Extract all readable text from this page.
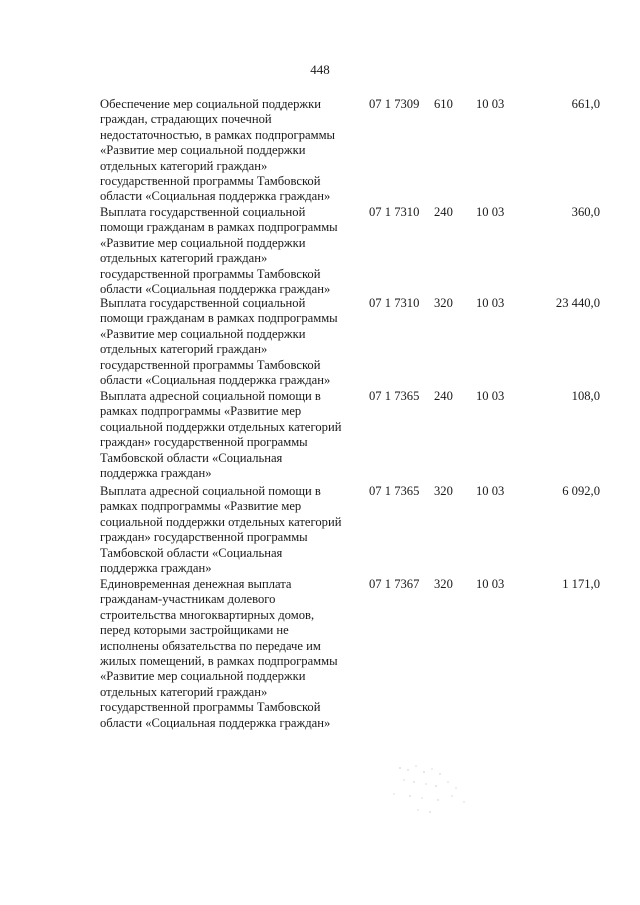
448
Обеспечение мер социальной поддержки
граждан, страдающих почечной
недостаточностью, в рамках подпрограммы
«Развитие мер социальной поддержки
отдельных категорий граждан»
государственной программы Тамбовской
области «Социальная поддержка граждан»
07 1 7309 610 10 03	661,0
Выплата государственной социальной
помощи гражданам в рамках подпрограммы
«Развитие мер социальной поддержки
отдельных категорий граждан»
государственной программы Тамбовской
области «Социальная поддержка граждан»
07 1 7310 240 10 03	360,0
Выплата государственной социальной
помощи гражданам в рамках подпрограммы
«Развитие мер социальной поддержки
отдельных категорий граждан»
государственной программы Тамбовской
области «Социальная поддержка граждан»
07 1 7310 320 10 03	23 440,0
Выплата адресной социальной помощи в
рамках подпрограммы «Развитие мер
социальной поддержки отдельных категорий
граждан» государственной программы
Тамбовской области «Социальная
поддержка граждан»
07 1 7365 240 10 03	108,0
Выплата адресной социальной помощи в
рамках подпрограммы «Развитие мер
социальной поддержки отдельных категорий
граждан» государственной программы
Тамбовской области «Социальная
поддержка граждан»
07 1 7365 320 10 03	6 092,0
Единовременная денежная выплата
гражданам-участникам долевого
строительства многоквартирных домов,
перед которыми застройщиками не
исполнены обязательства по передаче им
жилых помещений, в рамках подпрограммы
«Развитие мер социальной поддержки
отдельных категорий граждан»
государственной программы Тамбовской
области «Социальная поддержка граждан»
07 1 7367 320 10 03	1 171,0
